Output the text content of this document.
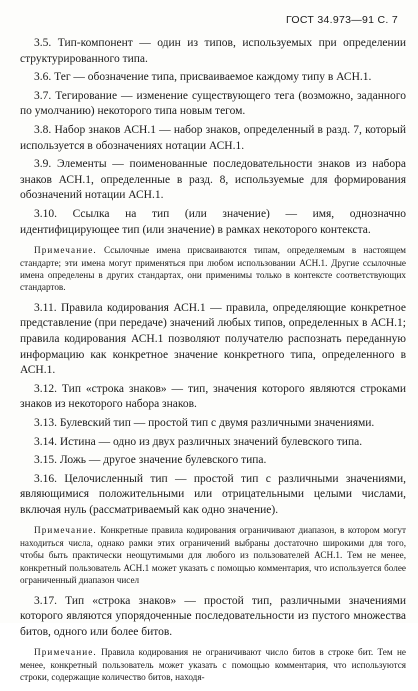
ГОСТ 34.973—91 С. 7

3.5. Тип-компонент — один из типов, используемых при определении структурированного типа.

3.6. Тег — обозначение типа, присваиваемое каждому типу в АСН.1.

3.7. Тегирование — изменение существующего тега (возможно, заданного по умолчанию) некоторого типа новым тегом.

3.8. Набор знаков АСН.1 — набор знаков, определенный в разд. 7, который используется в обозначениях нотации АСН.1.

3.9. Элементы — поименованные последовательности знаков из набора знаков АСН.1, определенные в разд. 8, используемые для формирования обозначений нотации АСН.1.

3.10. Ссылка на тип (или значение) — имя, однозначно идентифицирующее тип (или значение) в рамках некоторого контекста.

Примечание. Ссылочные имена присваиваются типам, определяемым в настоящем стандарте; эти имена могут применяться при любом использовании АСН.1. Другие ссылочные имена определены в других стандартах, они применимы только в контексте соответствующих стандартов.

3.11. Правила кодирования АСН.1 — правила, определяющие конкретное представление (при передаче) значений любых типов, определенных в АСН.1; правила кодирования АСН.1 позволяют получателю распознать переданную информацию как конкретное значение конкретного типа, определенного в АСН.1.

3.12. Тип «строка знаков» — тип, значения которого являются строками знаков из некоторого набора знаков.

3.13. Булевский тип — простой тип с двумя различными значениями.

3.14. Истина — одно из двух различных значений булевского типа.

3.15. Ложь — другое значение булевского типа.

3.16. Целочисленный тип — простой тип с различными значениями, являющимися положительными или отрицательными целыми числами, включая нуль (рассматриваемый как одно значение).

Примечание. Конкретные правила кодирования ограничивают диапазон, в котором могут находиться числа, однако рамки этих ограничений выбраны достаточно широкими для того, чтобы быть практически неощутимыми для любого из пользователей АСН.1. Тем не менее, конкретный пользователь АСН.1 может указать с помощью комментария, что используется более ограниченный диапазон чисел

3.17. Тип «строка знаков» — простой тип, различными значениями которого являются упорядоченные последовательности из пустого множества битов, одного или более битов.

Примечание. Правила кодирования не ограничивают число битов в строке бит. Тем не менее, конкретный пользователь может указать с помощью комментария, что используются строки, содержащие количество битов, находя-
